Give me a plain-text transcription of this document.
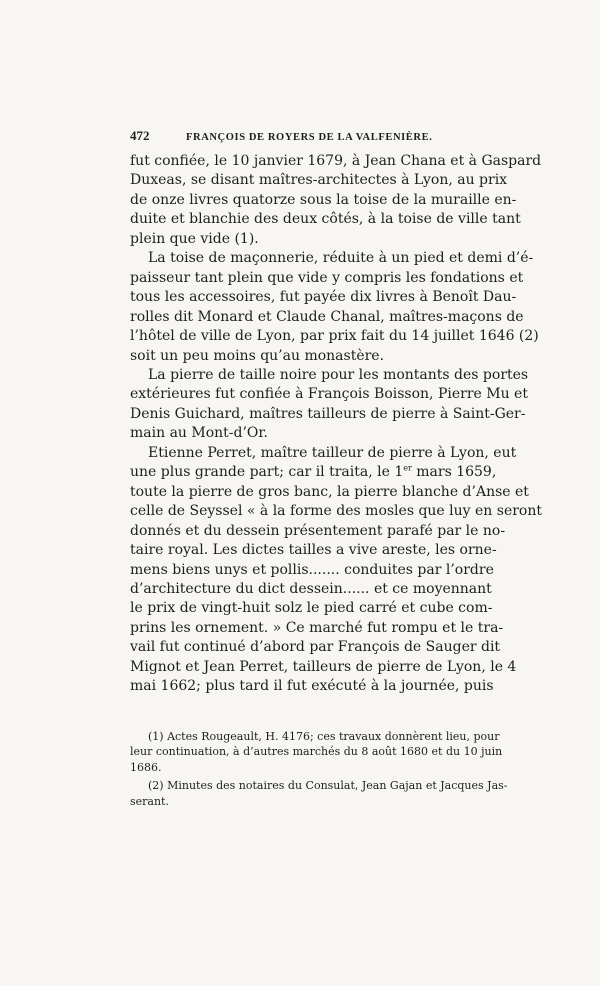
472	FRANÇOIS DE ROYERS DE LA VALFENIÈRE.

fut confiée, le 10 janvier 1679, à Jean Chana et à Gaspard
Duxeas, se disant maîtres-architectes à Lyon, au prix
de onze livres quatorze sous la toise de la muraille en-
duite et blanchie des deux côtés, à la toise de ville tant
plein que vide (1).

La toise de maçonnerie, réduite à un pied et demi d’é-
paisseur tant plein que vide y compris les fondations et
tous les accessoires, fut payée dix livres à Benoît Dau-
rolles dit Monard et Claude Chanal, maîtres-maçons de
l’hôtel de ville de Lyon, par prix fait du 14 juillet 1646 (2)
soit un peu moins qu’au monastère.

La pierre de taille noire pour les montants des portes
extérieures fut confiée à François Boisson, Pierre Mu et
Denis Guichard, maîtres tailleurs de pierre à Saint-Ger-
main au Mont-d’Or.

Etienne Perret, maître tailleur de pierre à Lyon, eut
une plus grande part; car il traita, le 1er mars 1659,
toute la pierre de gros banc, la pierre blanche d’Anse et
celle de Seyssel « à la forme des mosles que luy en seront
donnés et du dessein présentement parafé par le no-
taire royal. Les dictes tailles a vive areste, les orne-
mens biens unys et pollis....... conduites par l’ordre
d’architecture du dict dessein...... et ce moyennant
le prix de vingt-huit solz le pied carré et cube com-
prins les ornement. » Ce marché fut rompu et le tra-
vail fut continué d’abord par François de Sauger dit
Mignot et Jean Perret, tailleurs de pierre de Lyon, le 4
mai 1662; plus tard il fut exécuté à la journée, puis

(1) Actes Rougeault, H. 4176; ces travaux donnèrent lieu, pour
leur continuation, à d’autres marchés du 8 août 1680 et du 10 juin
1686.
(2) Minutes des notaires du Consulat, Jean Gajan et Jacques Jas-
serant.
